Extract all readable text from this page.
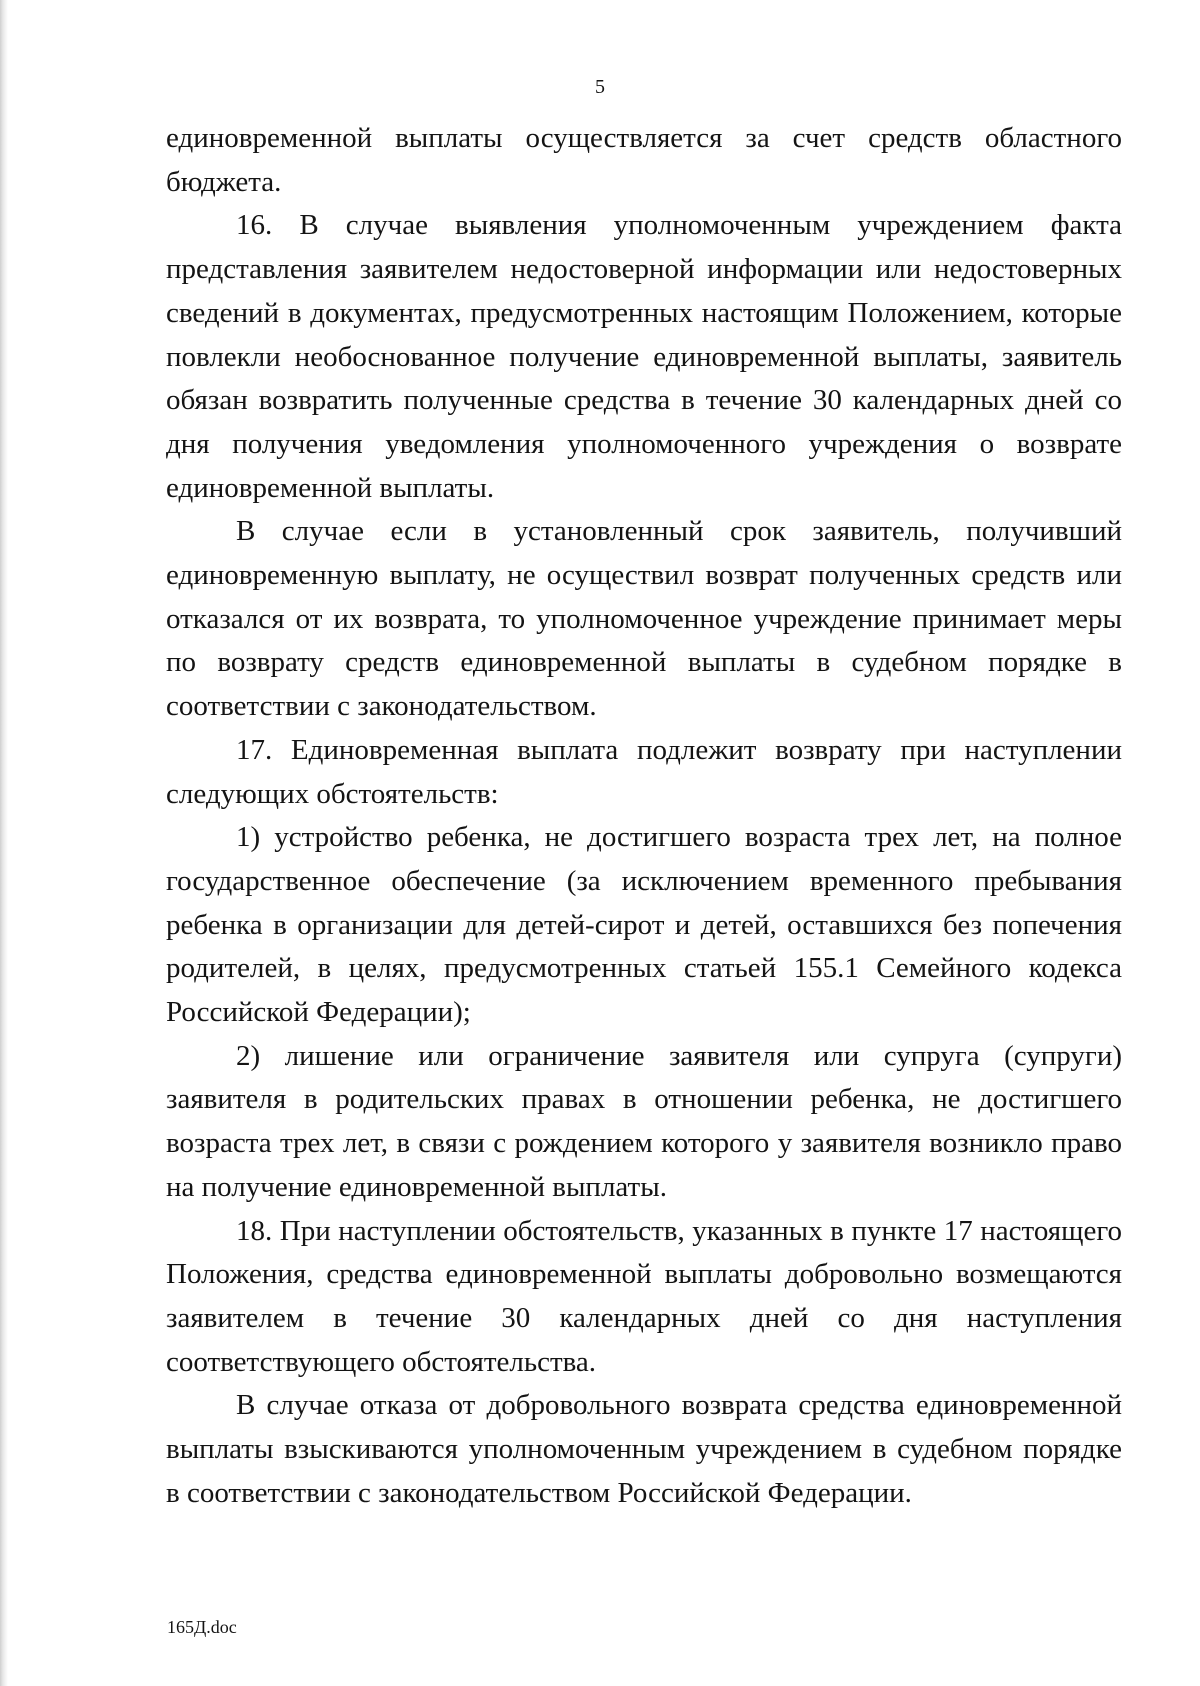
5

единовременной выплаты осуществляется за счет средств областного бюджета.

16. В случае выявления уполномоченным учреждением факта представления заявителем недостоверной информации или недостоверных сведений в документах, предусмотренных настоящим Положением, которые повлекли необоснованное получение единовременной выплаты, заявитель обязан возвратить полученные средства в течение 30 календарных дней со дня получения уведомления уполномоченного учреждения о возврате единовременной выплаты.

В случае если в установленный срок заявитель, получивший единовременную выплату, не осуществил возврат полученных средств или отказался от их возврата, то уполномоченное учреждение принимает меры по возврату средств единовременной выплаты в судебном порядке в соответствии с законодательством.

17. Единовременная выплата подлежит возврату при наступлении следующих обстоятельств:

1) устройство ребенка, не достигшего возраста трех лет, на полное государственное обеспечение (за исключением временного пребывания ребенка в организации для детей-сирот и детей, оставшихся без попечения родителей, в целях, предусмотренных статьей 155.1 Семейного кодекса Российской Федерации);

2) лишение или ограничение заявителя или супруга (супруги) заявителя в родительских правах в отношении ребенка, не достигшего возраста трех лет, в связи с рождением которого у заявителя возникло право на получение единовременной выплаты.

18. При наступлении обстоятельств, указанных в пункте 17 настоящего Положения, средства единовременной выплаты добровольно возмещаются заявителем в течение 30 календарных дней со дня наступления соответствующего обстоятельства.

В случае отказа от добровольного возврата средства единовременной выплаты взыскиваются уполномоченным учреждением в судебном порядке в соответствии с законодательством Российской Федерации.

165Д.doc
